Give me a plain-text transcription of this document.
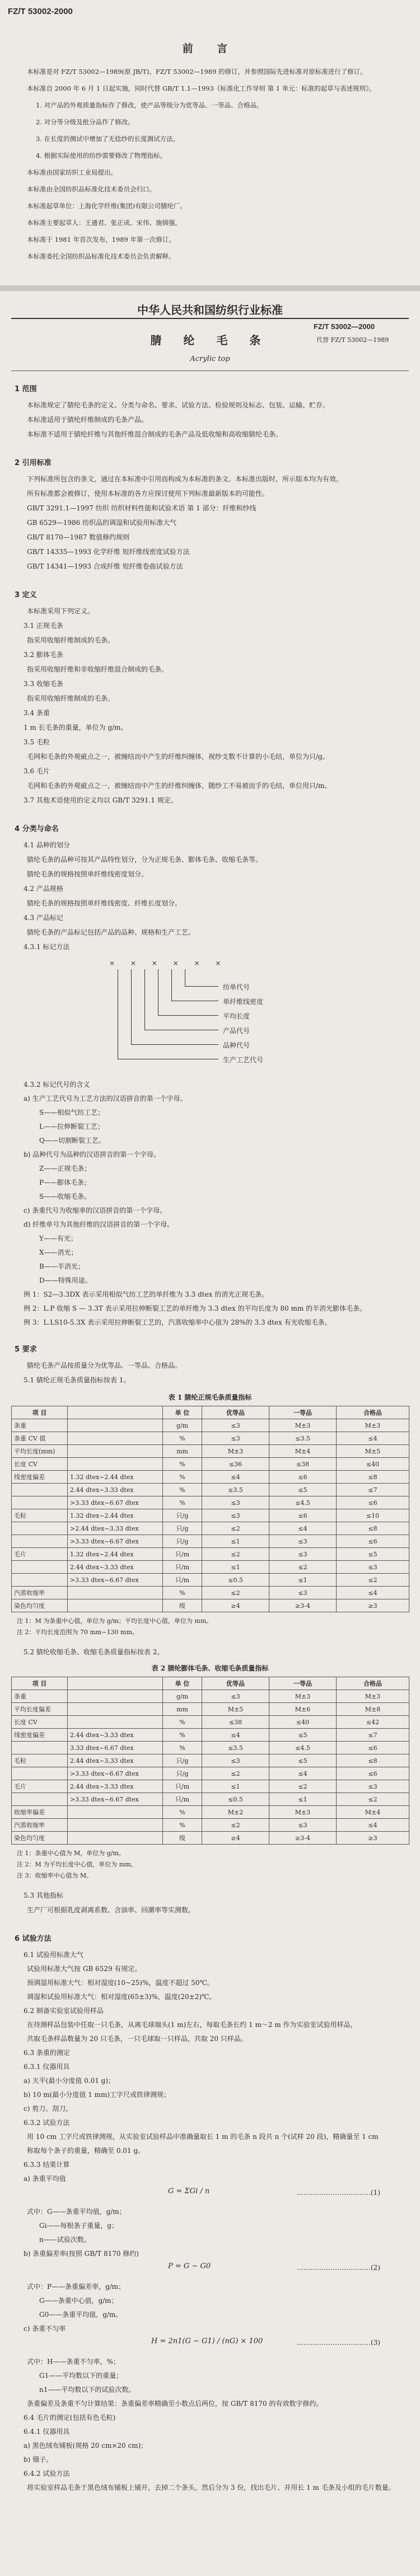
FZ/T 53002-2000
前 言
中华人民共和国纺织行业标准
FZ/T 53002—2000
代替 FZ/T 53002—1989
腈 纶 毛 条
Acrylic top
本标准是对 FZ/T 53002—1989(原 JB/T)、FZ/T 53002—1989 的修订，并参照国际先进标准对原标准进行了修订。
本标准自 2000 年 6 月 1 日起实施，同时代替 GB/T 1.1—1993《标准化工作导则 第 1 单元：标准的起草与表述规则》。
1. 对产品的外观质量指标作了修改，使产品等级分为优等品、一等品、合格品。
2. 对分等分级及批分品作了修改。
3. 在长度的测试中增加了无捻纱的长度测试方法。
4. 根据实际使用的纺纱需要修改了物理指标。
本标准由国家纺织工业局提出。
本标准由全国纺织品标准化技术委员会归口。
本标准起草单位：上海化学纤维(集团)有限公司腈纶厂。
本标准主要起草人：王通君、张正成、宋伟、施锦强。
本标准于 1981 年首次发布，1989 年第一次修订。
本标准委托全国纺织品标准化技术委员会负责解释。
1 范围
本标准规定了腈纶毛条的定义、分类与命名、要求、试验方法、检验规则及标志、包装、运输、贮存。
本标准适用于腈纶纤维制成的毛条产品。
本标准不适用于腈纶纤维与其他纤维混合制成的毛条产品及低收缩和高收缩腈纶毛条。
2 引用标准
下列标准所包含的条文，通过在本标准中引用而构成为本标准的条文。本标准出版时，所示版本均为有效。
所有标准都会被修订，使用本标准的各方应探讨使用下列标准最新版本的可能性。
GB/T 3291.1—1997 纺织 纺织材料性能和试验术语 第 1 部分：纤维和纱线
GB 6529—1986 纺织品的调湿和试验用标准大气
GB/T 8170—1987 数值修约规则
GB/T 14335—1993 化学纤维 短纤维线密度试验方法
GB/T 14341—1993 合成纤维 短纤维卷曲试验方法
3 定义
本标准采用下列定义。
3.1 正规毛条
指采用收缩纤维制成的毛条。
3.2 膨体毛条
指采用收缩纤维和非收缩纤维混合制成的毛条。
3.3 收缩毛条
指采用收缩纤维制成的毛条。
3.4 条重
1 m 长毛条的重量，单位为 g/m。
3.5 毛粒
毛网和毛条的外观疵点之一，被缠结而中产生的纤维纠缠体，视纱支数不计算的小毛结，单位为只/g。
3.6 毛片
毛网和毛条的外观疵点之一，被缠结而中产生的纤维纠缠体，随纱工不易被而手的毛结，单位用只/m。
3.7 其他术语使用的定义均以 GB/T 3291.1 规定。
4 分类与命名
4.1 品种的划分
腈纶毛条的品种可按其产品特性划分，分为正规毛条、膨体毛条、收缩毛条等。
腈纶毛条的规格按照单纤维线密度划分。
4.2 产品规格
腈纶毛条的规格按照单纤维线密度、纤维长度划分。
4.3 产品标记
腈纶毛条的产品标记包括产品的品种、规格和生产工艺。
4.3.1 标记方法
× × × × × ×
纺单代号
单纤维线密度
平均长度
产品代号
品种代号
生产工艺代号
4.3.2 标记代号的含义
a) 生产工艺代号为工艺方法的汉语拼音的第一个字母。
S——相似气纺工艺；
L——拉伸断裂工艺；
Q——切割断裂工艺。
b) 品种代号为品种的汉语拼音的第一个字母。
Z——正规毛条；
P——膨体毛条；
S——收缩毛条。
c) 条重代号为收缩率的汉语拼音的第一个字母。
d) 纤维单号为其他纤维的汉语拼音的第一个字母。
Y——有光；
X——消光；
B——半消光；
D——特殊用途。
例 1：S2—3.3DX 表示采用相似气纺工艺的单纤维为 3.3 dtex 的消光正规毛条。
例 2：L.P 收缩 S — 3.3T 表示采用拉伸断裂工艺的单纤维为 3.3 dtex 的平均长度为 80 mm 的半消光膨体毛条。
例 3：L.LS10-5.3X 表示采用拉伸断裂工艺的，汽蒸收缩率中心值为 28%的 3.3 dtex 有光收缩毛条。
5 要求
腈纶毛条产品按质量分为优等品、一等品、合格品。
5.1 腈纶正规毛条质量指标按表 1。
表 1 腈纶正规毛条质量指标
项 目		单 位	优等品	一等品	合格品
条重		g/m	≤3	M±3	M±3
条重 CV 值		%	≤3	≤3.5	≤4
平均长度(mm)		mm	M±3	M±4	M±5
长度 CV		%	≤36	≤38	≤40
线密度偏差	1.32 dtex~2.44 dtex	%	≤4	≤6	≤8
	2.44 dtex~3.33 dtex	%	≤3.5	≤5	≤7
	>3.33 dtex~6.67 dtex	%	≤3	≤4.5	≤6
毛粒	1.32 dtex~2.44 dtex	只/g	≤3	≤6	≤10
	>2.44 dtex~3.33 dtex	只/g	≤2	≤4	≤8
	>3.33 dtex~6.67 dtex	只/g	≤1	≤3	≤6
毛片	1.32 dtex~2.44 dtex	只/m	≤2	≤3	≤5
	2.44 dtex~3.33 dtex	只/m	≤1	≤2	≤3
	>3.33 dtex~6.67 dtex	只/m	≤0.5	≤1	≤2
汽蒸收缩率		%	≤2	≤3	≤4
染色均匀度		级	≥4	≥3-4	≥3
注 1：M 为条重中心值，单位为 g/m；平均长度中心值，单位为 mm。
注 2：平均长度范围为 70 mm~130 mm。
5.2 腈纶收缩毛条、收缩毛条质量指标按表 2。
表 2 腈纶膨体毛条、收缩毛条质量指标
项 目		单 位	优等品	一等品	合格品
条重		g/m	≤3	M±3	M±3
平均长度偏差		mm	M±5	M±6	M±8
长度 CV		%	≤38	≤40	≤42
线密度偏差	2.44 dtex~3.33 dtex	%	≤4	≤5	≤7
	3.33 dtex~6.67 dtex	%	≤3.5	≤4.5	≤6
毛粒	2.44 dtex~3.33 dtex	只/g	≤3	≤5	≤8
	>3.33 dtex~6.67 dtex	只/g	≤2	≤4	≤6
毛片	2.44 dtex~3.33 dtex	只/m	≤1	≤2	≤3
	>3.33 dtex~6.67 dtex	只/m	≤0.5	≤1	≤2
收缩率偏差		%	M±2	M±3	M±4
汽蒸收缩率		%	≤2	≤3	≤4
染色均匀度		级	≥4	≥3-4	≥3
注 1：条重中心值为 M，单位为 g/m。
注 2：M 为平均长度中心值，单位为 mm。
注 3：收缩率中心值为 M。
5.3 其他指标
生产厂可根据乳度剥离系数、含油率、回潮率等实测数。
6 试验方法
6.1 试验用标准大气
试验用标准大气按 GB 6529 有规定。
预调湿用标准大气：相对湿度(10~25)%，温度不超过 50℃。
调湿和试验用标准大气：相对湿度(65±3)%，温度(20±2)℃。
6.2 制备实验室试验用样品
在待测样品包装中任取一只毛条，从离毛球端头(1 m)左右，每取毛条长约 1 m～2 m 作为实验室试验用样品，
共取毛条样品数量为 20 只毛条，一只毛球取一只样品，共取 20 只样品。
6.3 条重的测定
6.3.1 仪器用具
a) 天平(最小分度值 0.01 g)；
b) 10 m(最小分度值 1 mm)工字尺或铁律测规；
c) 剪刀、刮刀。
6.3.2 试验方法
用 10 cm 工字尺或铁律测规，从实验室试验样品中准确量取长 1 m 的毛条 n 段共 n 个(试样 20 段)，精确量至 1 cm
称取每个条子的重量，精确至 0.01 g。
6.3.3 结果计算
a) 条重平均值
G = ΣGi / n	……………………………(1)
式中：G——条重平均值，g/m；
Gi——每根条子重量，g；
n——试验次数。
b) 条重偏差率(按照 GB/T 8170 修约)
P = G − G0	……………………………(2)
式中：P——条重偏差率，g/m；
G——条重中心值，g/m；
G0——条重平均值，g/m。
c) 条重不匀率
H = 2n1(G − G1) / (nG) × 100	……………………………(3)
式中：H——条重不匀率，%；
G1——平均数以下的重量；
n1——平均数以下的试验次数。
条重偏差及条重不匀计算结果：条重偏差率精确至小数点后两位，按 GB/T 8170 的有效数字修约。
6.4 毛片的测定(包括有色毛粒)
6.4.1 仪器用具
a) 黑色绒布铺板(规格 20 cm×20 cm)；
b) 镊子。
6.4.2 试验方法
将实验室样品毛条于黑色绒布铺板上铺开，去掉二个条头，然后分为 3 份，找出毛片、并用长 1 m 毛条及小组的毛片数量。
